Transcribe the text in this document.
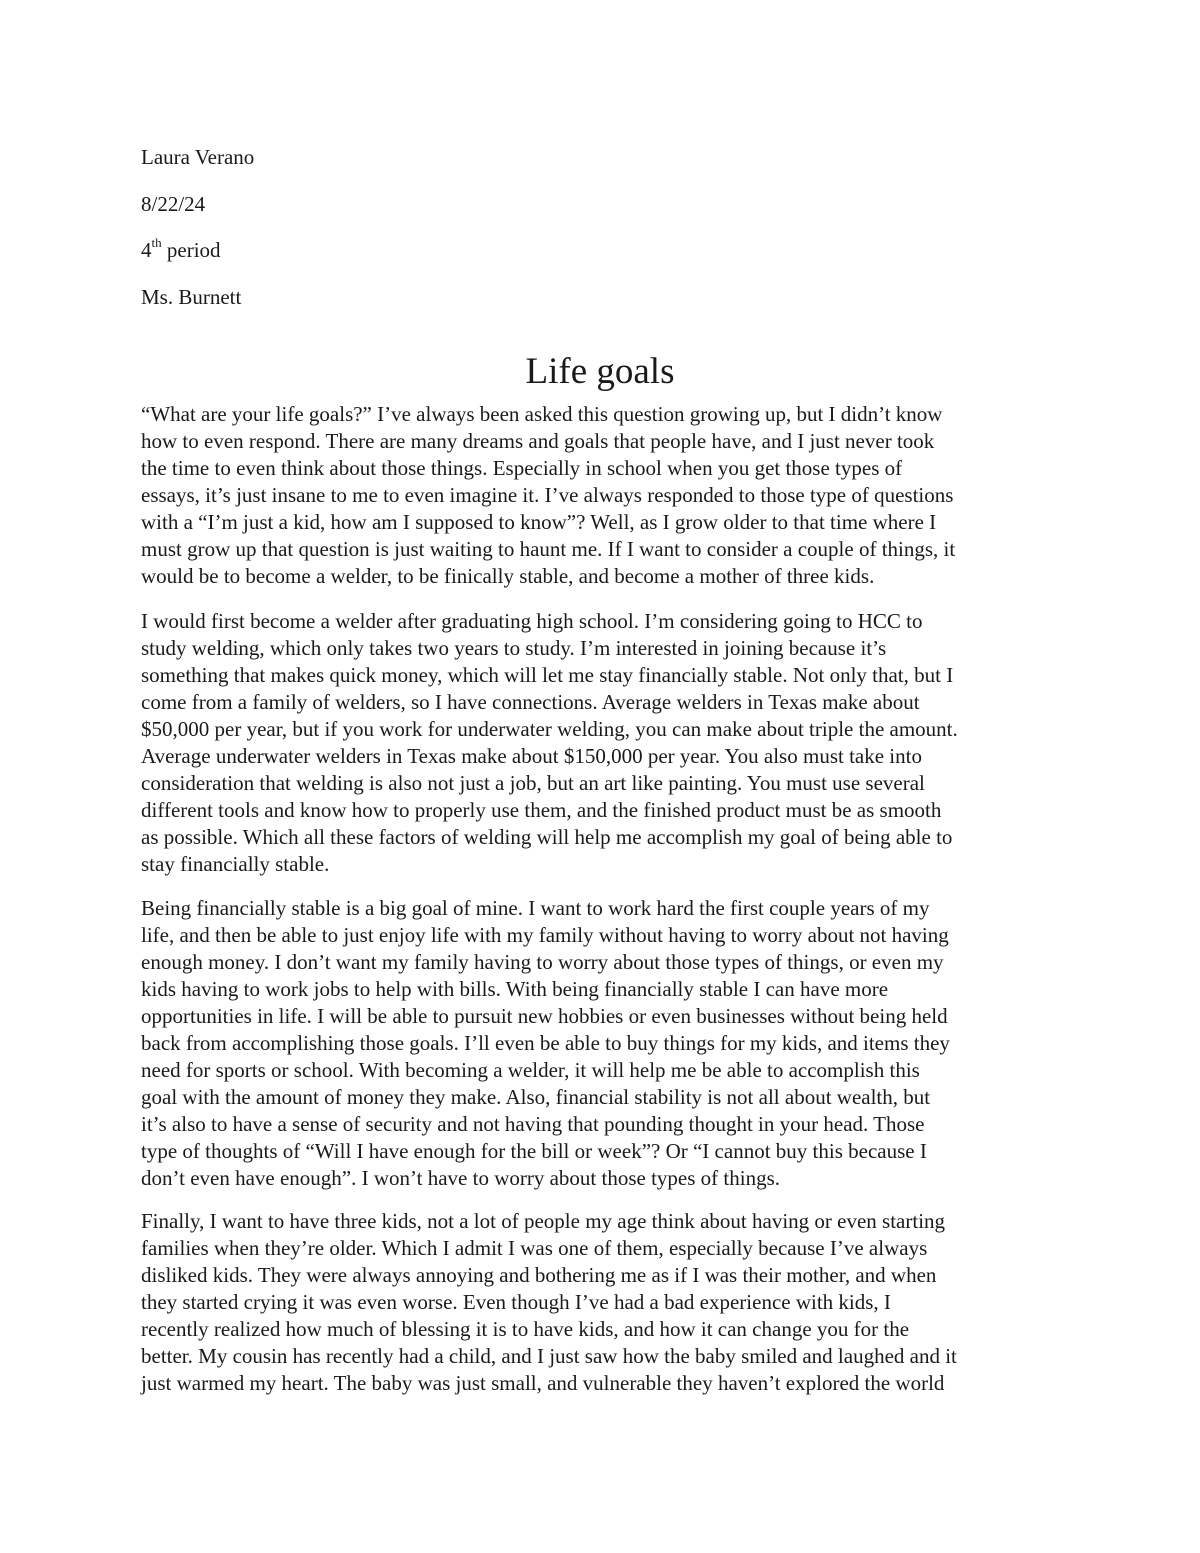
Laura Verano

8/22/24

4th period

Ms. Burnett

Life goals
“What are your life goals?” I’ve always been asked this question growing up, but I didn’t know
how to even respond. There are many dreams and goals that people have, and I just never took
the time to even think about those things. Especially in school when you get those types of
essays, it’s just insane to me to even imagine it. I’ve always responded to those type of questions
with a “I’m just a kid, how am I supposed to know”? Well, as I grow older to that time where I
must grow up that question is just waiting to haunt me. If I want to consider a couple of things, it
would be to become a welder, to be finically stable, and become a mother of three kids.
I would first become a welder after graduating high school. I’m considering going to HCC to
study welding, which only takes two years to study. I’m interested in joining because it’s
something that makes quick money, which will let me stay financially stable. Not only that, but I
come from a family of welders, so I have connections. Average welders in Texas make about
$50,000 per year, but if you work for underwater welding, you can make about triple the amount.
Average underwater welders in Texas make about $150,000 per year. You also must take into
consideration that welding is also not just a job, but an art like painting. You must use several
different tools and know how to properly use them, and the finished product must be as smooth
as possible. Which all these factors of welding will help me accomplish my goal of being able to
stay financially stable.
Being financially stable is a big goal of mine. I want to work hard the first couple years of my
life, and then be able to just enjoy life with my family without having to worry about not having
enough money. I don’t want my family having to worry about those types of things, or even my
kids having to work jobs to help with bills. With being financially stable I can have more
opportunities in life. I will be able to pursuit new hobbies or even businesses without being held
back from accomplishing those goals. I’ll even be able to buy things for my kids, and items they
need for sports or school. With becoming a welder, it will help me be able to accomplish this
goal with the amount of money they make. Also, financial stability is not all about wealth, but
it’s also to have a sense of security and not having that pounding thought in your head. Those
type of thoughts of “Will I have enough for the bill or week”? Or “I cannot buy this because I
don’t even have enough”. I won’t have to worry about those types of things.
Finally, I want to have three kids, not a lot of people my age think about having or even starting
families when they’re older. Which I admit I was one of them, especially because I’ve always
disliked kids. They were always annoying and bothering me as if I was their mother, and when
they started crying it was even worse. Even though I’ve had a bad experience with kids, I
recently realized how much of blessing it is to have kids, and how it can change you for the
better. My cousin has recently had a child, and I just saw how the baby smiled and laughed and it
just warmed my heart. The baby was just small, and vulnerable they haven’t explored the world
